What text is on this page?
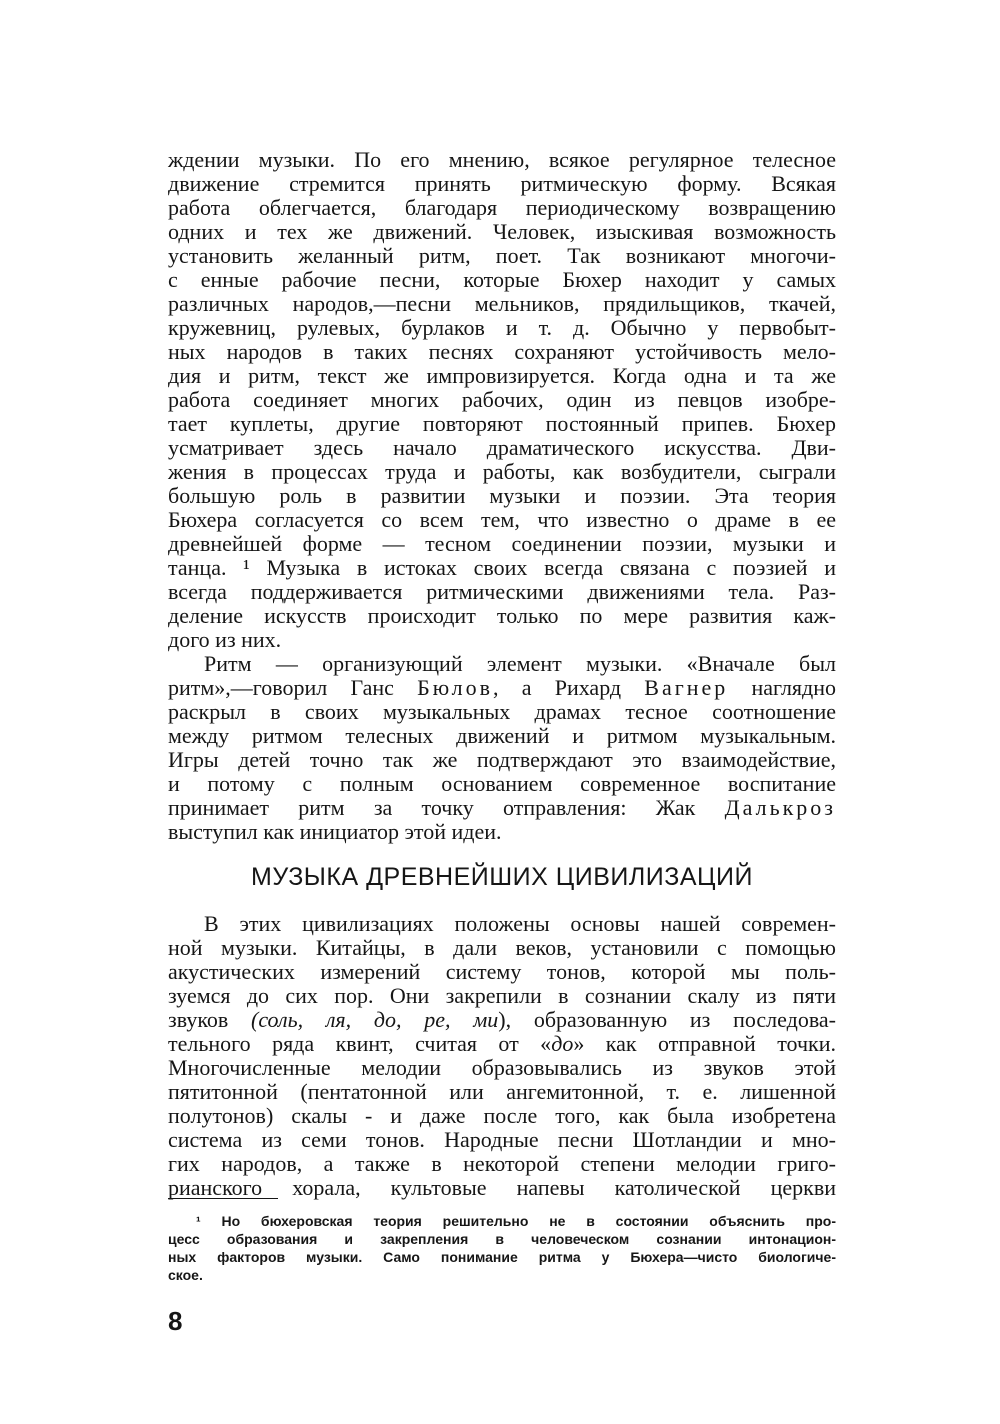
ждении музыки. По его мнению, всякое регулярное телесное
движение стремится принять ритмическую форму. Всякая
работа облегчается, благодаря периодическому возвращению
одних и тех же движений. Человек, изыскивая возможность
установить желанный ритм, поет. Так возникают многочи-
с енные рабочие песни, которые Бюхер находит у самых
различных народов,—песни мельников, прядильщиков, ткачей,
кружевниц, рулевых, бурлаков и т. д. Обычно у первобыт-
ных народов в таких песнях сохраняют устойчивость мело-
дия и ритм, текст же импровизируется. Когда одна и та же
работа соединяет многих рабочих, один из певцов изобре-
тает куплеты, другие повторяют постоянный припев. Бюхер
усматривает здесь начало драматического искусства. Дви-
жения в процессах труда и работы, как возбудители, сыграли
большую роль в развитии музыки и поэзии. Эта теория
Бюхера согласуется со всем тем, что известно о драме в ее
древнейшей форме — тесном соединении поэзии, музыки и
танца. ¹ Музыка в истоках своих всегда связана с поэзией и
всегда поддерживается ритмическими движениями тела. Раз-
деление искусств происходит только по мере развития каж-
дого из них.
Ритм — организующий элемент музыки. «Вначале был
ритм»,—говорил Ганс Бюлов, а Рихард Вагнер наглядно
раскрыл в своих музыкальных драмах тесное соотношение
между ритмом телесных движений и ритмом музыкальным.
Игры детей точно так же подтверждают это взаимодействие,
и потому с полным основанием современное воспитание
принимает ритм за точку отправления: Жак Далькроз
выступил как инициатор этой идеи.
МУЗЫКА ДРЕВНЕЙШИХ ЦИВИЛИЗАЦИЙ
В этих цивилизациях положены основы нашей современ-
ной музыки. Китайцы, в дали веков, установили с помощью
акустических измерений систему тонов, которой мы поль-
зуемся до сих пор. Они закрепили в сознании скалу из пяти
звуков (соль, ля, до, ре, ми), образованную из последова-
тельного ряда квинт, считая от «до» как отправной точки.
Многочисленные мелодии образовывались из звуков этой
пятитонной (пентатонной или ангемитонной, т. е. лишенной
полутонов) скалы - и даже после того, как была изобретена
система из семи тонов. Народные песни Шотландии и мно-
гих народов, а также в некоторой степени мелодии григо-
рианского хорала, культовые напевы католической церкви
¹ Но бюхеровская теория решительно не в состоянии объяснить про-
цесс образования и закрепления в человеческом сознании интонацион-
ных факторов музыки. Само понимание ритма у Бюхера—чисто биологиче-
ское.
8
